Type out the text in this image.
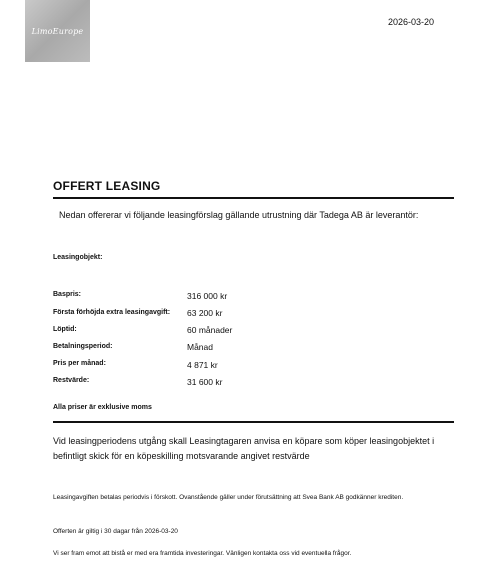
LimoEurope
2026-03-20
OFFERT LEASING
Nedan offererar vi följande leasingförslag gällande utrustning där Tadega AB är leverantör:
Leasingobjekt:
Baspris:	316 000 kr
Första förhöjda extra leasingavgift: 63 200 kr
Löptid:	60 månader
Betalningsperiod:	Månad
Pris per månad:	4 871 kr
Restvärde:	31 600 kr
Alla priser är exklusive moms
Vid leasingperiodens utgång skall Leasingtagaren anvisa en köpare som köper leasingobjektet i befintligt skick för en köpeskilling motsvarande angivet restvärde
Leasingavgiften betalas periodvis i förskott. Ovanstående gäller under förutsättning att Svea Bank AB godkänner krediten.
Offerten är giltig i 30 dagar från 2026-03-20
Vi ser fram emot att bistå er med era framtida investeringar. Vänligen kontakta oss vid eventuella frågor.
